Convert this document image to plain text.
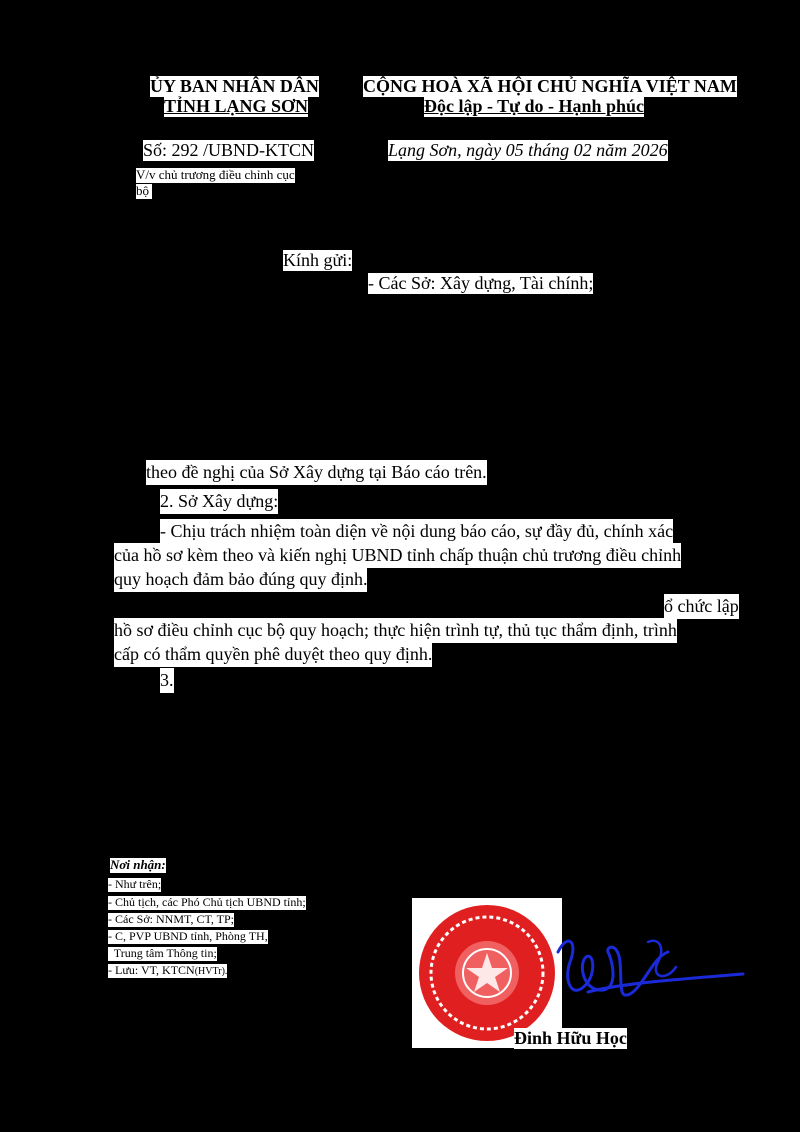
ỦY BAN NHÂN DÂN
TỈNH LẠNG SƠN
CỘNG HOÀ XÃ HỘI CHỦ NGHĨA VIỆT NAM
Độc lập - Tự do - Hạnh phúc
Số: 292 /UBND-KTCN	Lạng Sơn, ngày 05 tháng 02 năm 2026
V/v chủ trương điều chỉnh cục
bộ
Kính gửi:
- Các Sở: Xây dựng, Tài chính;
theo đề nghị của Sở Xây dựng tại Báo cáo trên.
2. Sở Xây dựng:
- Chịu trách nhiệm toàn diện về nội dung báo cáo, sự đầy đủ, chính xác
của hồ sơ kèm theo và kiến nghị UBND tỉnh chấp thuận chủ trương điều chỉnh
quy hoạch đảm bảo đúng quy định.
ổ chức lập
hồ sơ điều chỉnh cục bộ quy hoạch; thực hiện trình tự, thủ tục thẩm định, trình
cấp có thẩm quyền phê duyệt theo quy định.
3.
Nơi nhận:
- Như trên;
- Chủ tịch, các Phó Chủ tịch UBND tỉnh;
- Các Sở: NNMT, CT, TP;
- C, PVP UBND tỉnh, Phòng TH,
Trung tâm Thông tin;
- Lưu: VT, KTCN(HVTr).
Đinh Hữu Học
